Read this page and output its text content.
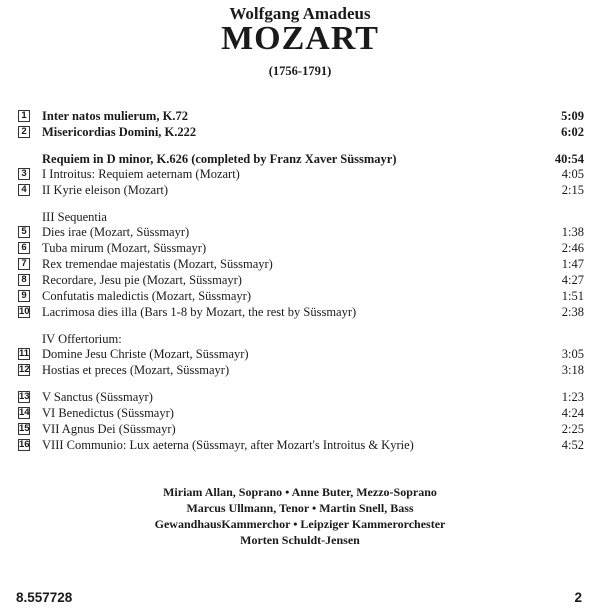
Wolfgang Amadeus
MOZART
(1756-1791)
1 Inter natos mulierum, K.72	5:09
2 Misericordias Domini, K.222	6:02
Requiem in D minor, K.626 (completed by Franz Xaver Süssmayr)	40:54
3 I Introitus: Requiem aeternam (Mozart)	4:05
4 II Kyrie eleison (Mozart)	2:15
III Sequentia
5 Dies irae (Mozart, Süssmayr)	1:38
6 Tuba mirum (Mozart, Süssmayr)	2:46
7 Rex tremendae majestatis (Mozart, Süssmayr)	1:47
8 Recordare, Jesu pie (Mozart, Süssmayr)	4:27
9 Confutatis maledictis (Mozart, Süssmayr)	1:51
10 Lacrimosa dies illa (Bars 1-8 by Mozart, the rest by Süssmayr)	2:38
IV Offertorium:
11 Domine Jesu Christe (Mozart, Süssmayr)	3:05
12 Hostias et preces (Mozart, Süssmayr)	3:18
13 V Sanctus (Süssmayr)	1:23
14 VI Benedictus (Süssmayr)	4:24
15 VII Agnus Dei (Süssmayr)	2:25
16 VIII Communio: Lux aeterna (Süssmayr, after Mozart's Introitus & Kyrie)	4:52
Miriam Allan, Soprano • Anne Buter, Mezzo-Soprano
Marcus Ullmann, Tenor • Martin Snell, Bass
GewandhausKammerchor • Leipziger Kammerorchester
Morten Schuldt-Jensen
8.557728	2
